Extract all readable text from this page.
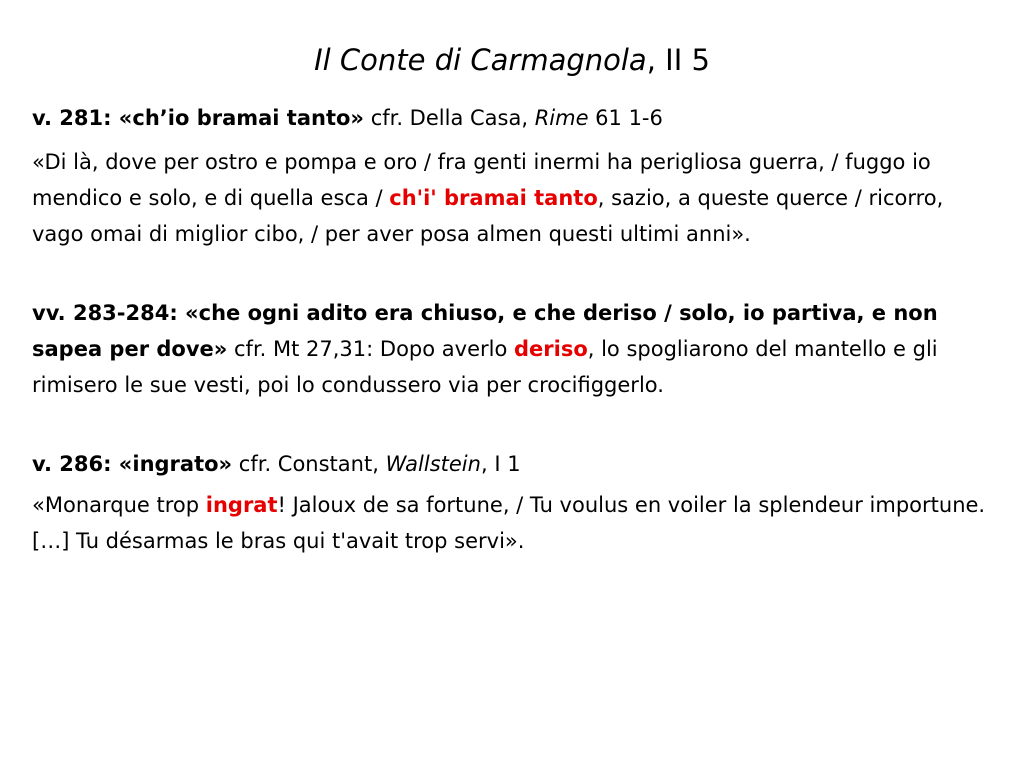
Il Conte di Carmagnola, II 5

v. 281: «ch’io bramai tanto» cfr. Della Casa, Rime 61 1-6

«Di là, dove per ostro e pompa e oro / fra genti inermi ha perigliosa guerra, / fuggo io mendico e solo, e di quella esca / ch'i' bramai tanto, sazio, a queste querce / ricorro, vago omai di miglior cibo, / per aver posa almen questi ultimi anni».

vv. 283-284: «che ogni adito era chiuso, e che deriso / solo, io partiva, e non sapea per dove» cfr. Mt 27,31: Dopo averlo deriso, lo spogliarono del mantello e gli rimisero le sue vesti, poi lo condussero via per crocifiggerlo.

v. 286: «ingrato» cfr. Constant, Wallstein, I 1

«Monarque trop ingrat! Jaloux de sa fortune, / Tu voulus en voiler la splendeur importune. […] Tu désarmas le bras qui t'avait trop servi».
